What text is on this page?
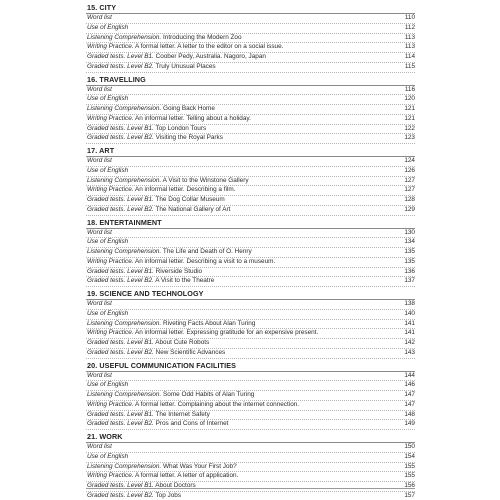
15. CITY
Word list	110
Use of English	112
Listening Comprehension. Introducing the Modern Zoo	113
Writing Practice. A formal letter. A letter to the editor on a social issue.	113
Graded tests. Level B1. Coober Pedy, Australia. Nagoro, Japan	114
Graded tests. Level B2. Truly Unusual Places	115
16. TRAVELLING
Word list	116
Use of English	120
Listening Comprehension. Going Back Home	121
Writing Practice. An informal letter. Telling about a holiday.	121
Graded tests. Level B1. Top London Tours	122
Graded tests. Level B2. Visiting the Royal Parks	123
17. ART
Word list	124
Use of English	126
Listening Comprehension. A Visit to the Winstone Gallery	127
Writing Practice. An informal letter. Describing a film.	127
Graded tests. Level B1. The Dog Collar Museum	128
Graded tests. Level B2. The National Gallery of Art	129
18. ENTERTAINMENT
Word list	130
Use of English	134
Listening Comprehension. The Life and Death of O. Henry	135
Writing Practice. An informal letter. Describing a visit to a museum.	135
Graded tests. Level B1. Riverside Studio	136
Graded tests. Level B2. A Visit to the Theatre	137
19. SCIENCE AND TECHNOLOGY
Word list	138
Use of English	140
Listening Comprehension. Riveting Facts About Alan Turing	141
Writing Practice. An informal letter. Expressing gratitude for an expensive present.	141
Graded tests. Level B1. About Cute Robots	142
Graded tests. Level B2. New Scientific Advances	143
20. USEFUL COMMUNICATION FACILITIES
Word list	144
Use of English	146
Listening Comprehension. Some Odd Habits of Alan Turing	147
Writing Practice. A formal letter. Complaining about the internet connection.	147
Graded tests. Level B1. The Internet Safety	148
Graded tests. Level B2. Pros and Cons of Internet	149
21. WORK
Word list	150
Use of English	154
Listening Comprehension. What Was Your First Job?	155
Writing Practice. A formal letter. A letter of application.	155
Graded tests. Level B1. About Doctors	156
Graded tests. Level B2. Top Jobs	157
